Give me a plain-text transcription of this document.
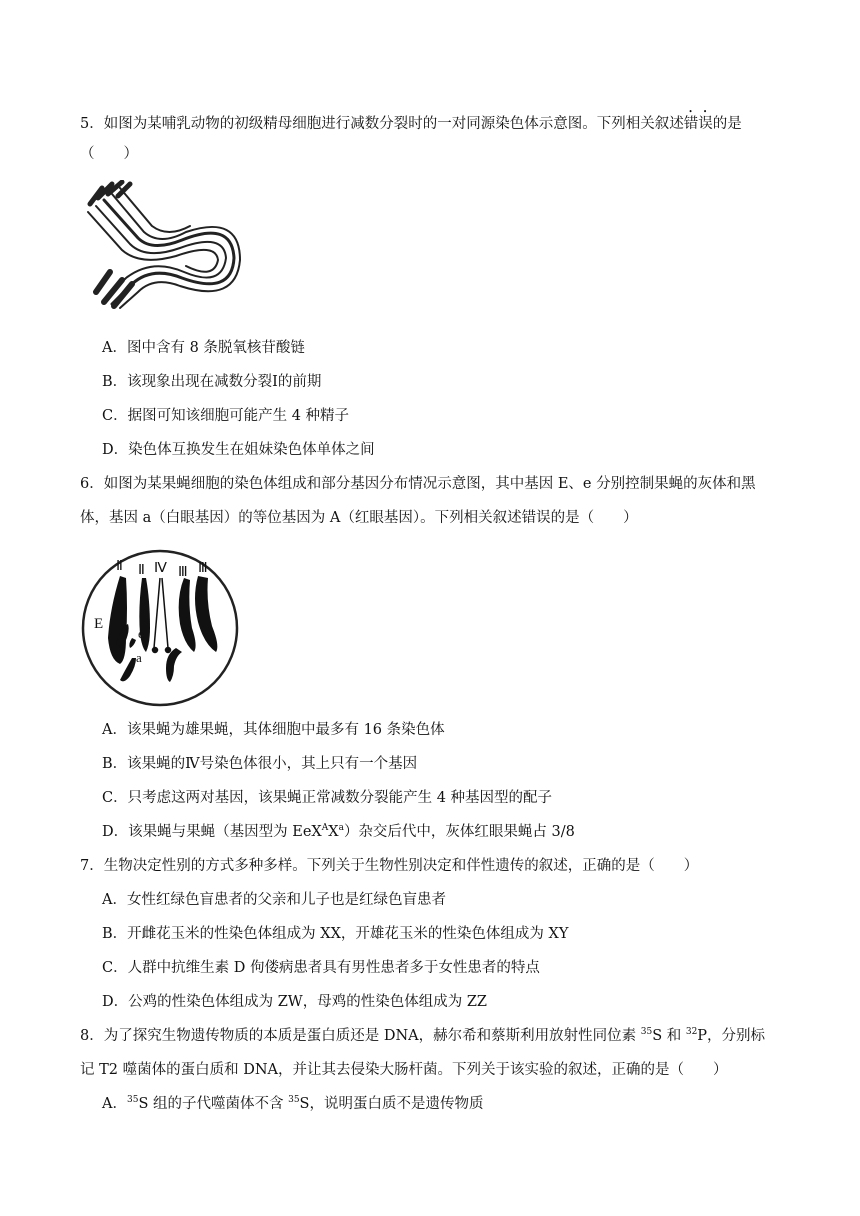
5．如图为某哺乳动物的初级精母细胞进行减数分裂时的一对同源染色体示意图。下列相关叙述错误的是
（　　）
A．图中含有 8 条脱氧核苷酸链
B．该现象出现在减数分裂Ⅰ的前期
C．据图可知该细胞可能产生 4 种精子
D．染色体互换发生在姐妹染色体单体之间
6．如图为某果蝇细胞的染色体组成和部分基因分布情况示意图，其中基因 E、e 分别控制果蝇的灰体和黑
体，基因 a（白眼基因）的等位基因为 A（红眼基因）。下列相关叙述错误的是（　　）
Ⅱ Ⅱ Ⅳ Ⅲ Ⅲ
E
e
a
A．该果蝇为雄果蝇，其体细胞中最多有 16 条染色体
B．该果蝇的Ⅳ号染色体很小，其上只有一个基因
C．只考虑这两对基因，该果蝇正常减数分裂能产生 4 种基因型的配子
D．该果蝇与果蝇（基因型为 $EeX^AX^a$）杂交后代中，灰体红眼果蝇占 3/8
7．生物决定性别的方式多种多样。下列关于生物性别决定和伴性遗传的叙述，正确的是（　　）
A．女性红绿色盲患者的父亲和儿子也是红绿色盲患者
B．开雌花玉米的性染色体组成为 XX，开雄花玉米的性染色体组成为 XY
C．人群中抗维生素 D 佝偻病患者具有男性患者多于女性患者的特点
D．公鸡的性染色体组成为 ZW，母鸡的性染色体组成为 ZZ
8．为了探究生物遗传物质的本质是蛋白质还是 DNA，赫尔希和蔡斯利用放射性同位素 $^{35}$S 和 $^{32}$P，分别标
记 T2 噬菌体的蛋白质和 DNA，并让其去侵染大肠杆菌。下列关于该实验的叙述，正确的是（　　）
A．$^{35}$S 组的子代噬菌体不含 $^{35}$S，说明蛋白质不是遗传物质
